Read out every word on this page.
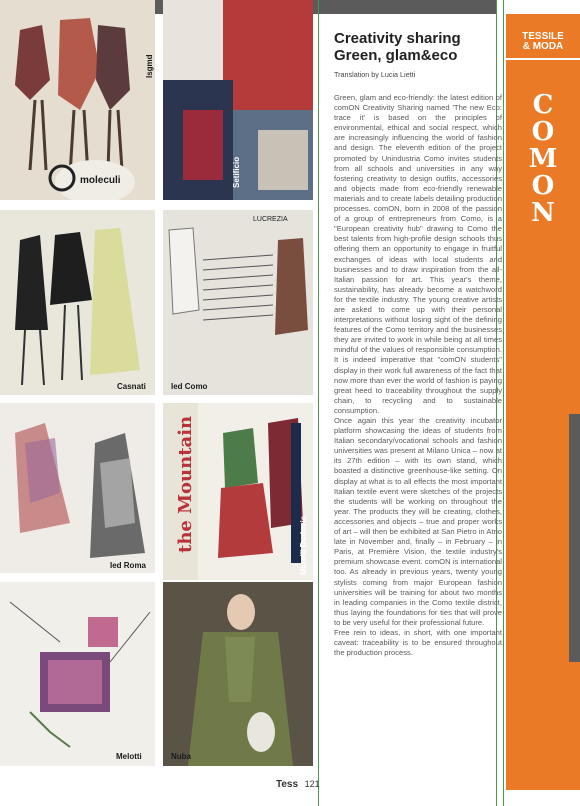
moleculi
Isgmd
Setificio
Casnati
LUCREZIA
Ied Como
Ied Roma
the Mountain	Marelli Dudovic
Melotti	Nuba
Creativity sharing
Green, glam&eco

Translation by Lucia Lietti

Green, glam and eco-friendly: the latest edition of comON Creativity Sharing named 'The new Eco: trace it' is based on the principles of environmental, ethical and social respect, which are increasingly influencing the world of fashion and design. The eleventh edition of the project promoted by Unindustria Como invites students from all schools and universities in any way fostering creativity to design outfits, accessories and objects made from eco-friendly renewable materials and to create labels detailing production processes. comON, born in 2008 of the passion of a group of entrepreneurs from Como, is a "European creativity hub" drawing to Como the best talents from high-profile design schools thus offering them an opportunity to engage in fruitful exchanges of ideas with local students and businesses and to draw inspiration from the all-Italian passion for art. This year's theme, sustainability, has already become a watchword for the textile industry. The young creative artists are asked to come up with their personal interpretations without losing sight of the defining features of the Como territory and the businesses they are invited to work in while being at all times mindful of the values of responsible consumption. It is indeed imperative that "comON students" display in their work full awareness of the fact that now more than ever the world of fashion is paying great heed to traceability throughout the supply chain, to recycling and to sustainable consumption.

Once again this year the creativity incubator platform showcasing the ideas of students from Italian secondary/vocational schools and fashion universities was present at Milano Unica – now at its 27th edition – with its own stand, which boasted a distinctive greenhouse-like setting. On display at what is to all effects the most important Italian textile event were sketches of the projects the students will be working on throughout the year. The products they will be creating, clothes, accessories and objects – true and proper works of art – will then be exhibited at San Pietro in Atrio late in November and, finally – in February – in Paris, at Première Vision, the textile industry's premium showcase event. comON is international too. As already in previous years, twenty young stylists coming from major European fashion universities will be training for about two months in leading companies in the Como textile district, thus laying the foundations for ties that will prove to be very useful for their professional future.

Free rein to ideas, in short, with one important caveat: traceability is to be ensured throughout the production process.

TESSILE
& MODA
C
O
M
O
N
Tess 121
